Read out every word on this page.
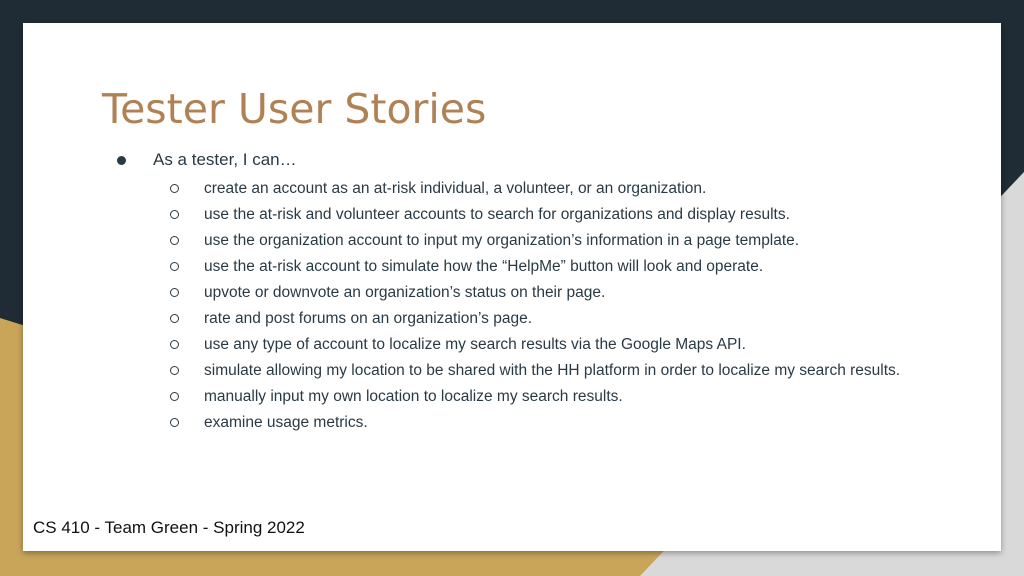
Tester User Stories
As a tester, I can…
create an account as an at-risk individual, a volunteer, or an organization.
use the at-risk and volunteer accounts to search for organizations and display results.
use the organization account to input my organization’s information in a page template.
use the at-risk account to simulate how the “HelpMe” button will look and operate.
upvote or downvote an organization’s status on their page.
rate and post forums on an organization’s page.
use any type of account to localize my search results via the Google Maps API.
simulate allowing my location to be shared with the HH platform in order to localize my search results.
manually input my own location to localize my search results.
examine usage metrics.
CS 410 - Team Green - Spring 2022
